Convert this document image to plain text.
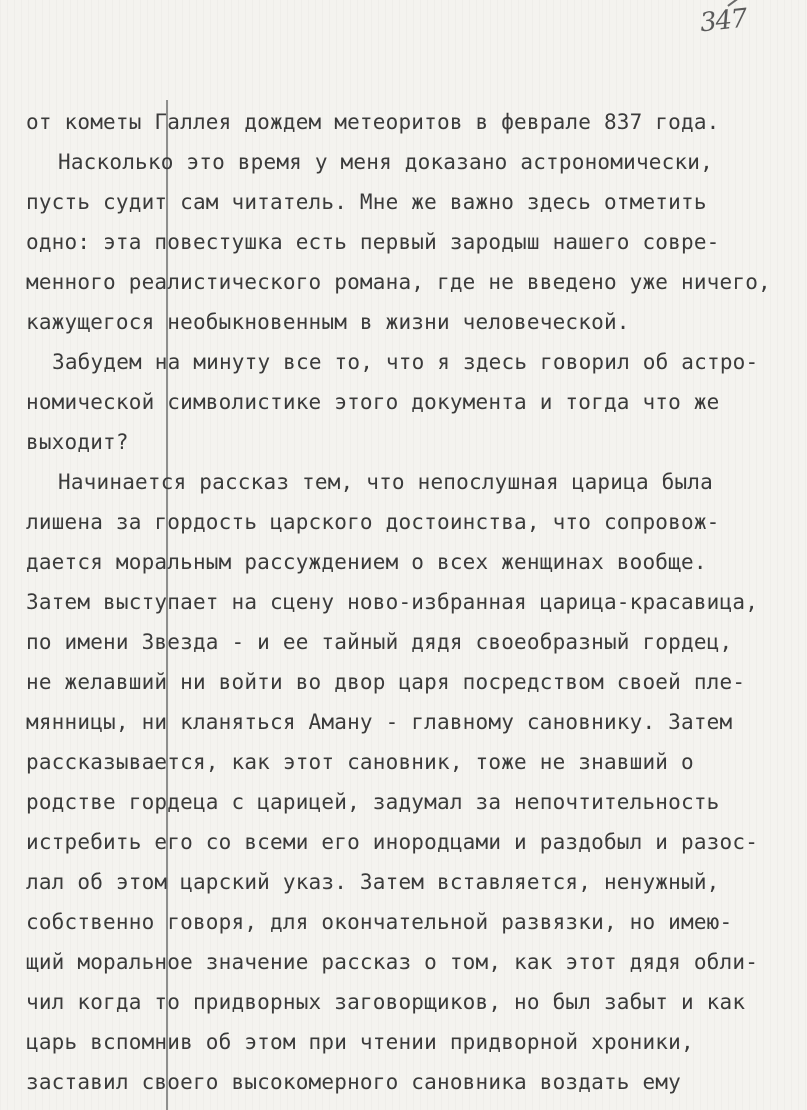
347
от кометы Галлея дождем метеоритов в феврале 837 года.
Насколько это время у меня доказано астрономически,
пусть судит сам читатель. Мне же важно здесь отметить
одно: эта повестушка есть первый зародыш нашего совре-
менного реалистического романа, где не введено уже ничего,
кажущегося необыкновенным в жизни человеческой.
Забудем на минуту все то, что я здесь говорил об астро-
номической символистике этого документа и тогда что же
выходит?
Начинается рассказ тем, что непослушная царица была
лишена за гордость царского достоинства, что сопровож-
дается моральным рассуждением о всех женщинах вообще.
Затем выступает на сцену ново-избранная царица-красавица,
по имени Звезда - и ее тайный дядя своеобразный гордец,
не желавший ни войти во двор царя посредством своей пле-
мянницы, ни кланяться Аману - главному сановнику. Затем
рассказывается, как этот сановник, тоже не знавший о
родстве гордеца с царицей, задумал за непочтительность
истребить его со всеми его инородцами и раздобыл и разос-
лал об этом царский указ. Затем вставляется, ненужный,
собственно говоря, для окончательной развязки, но имею-
щий моральное значение рассказ о том, как этот дядя обли-
чил когда то придворных заговорщиков, но был забыт и как
царь вспомнив об этом при чтении придворной хроники,
заставил своего высокомерного сановника воздать ему
